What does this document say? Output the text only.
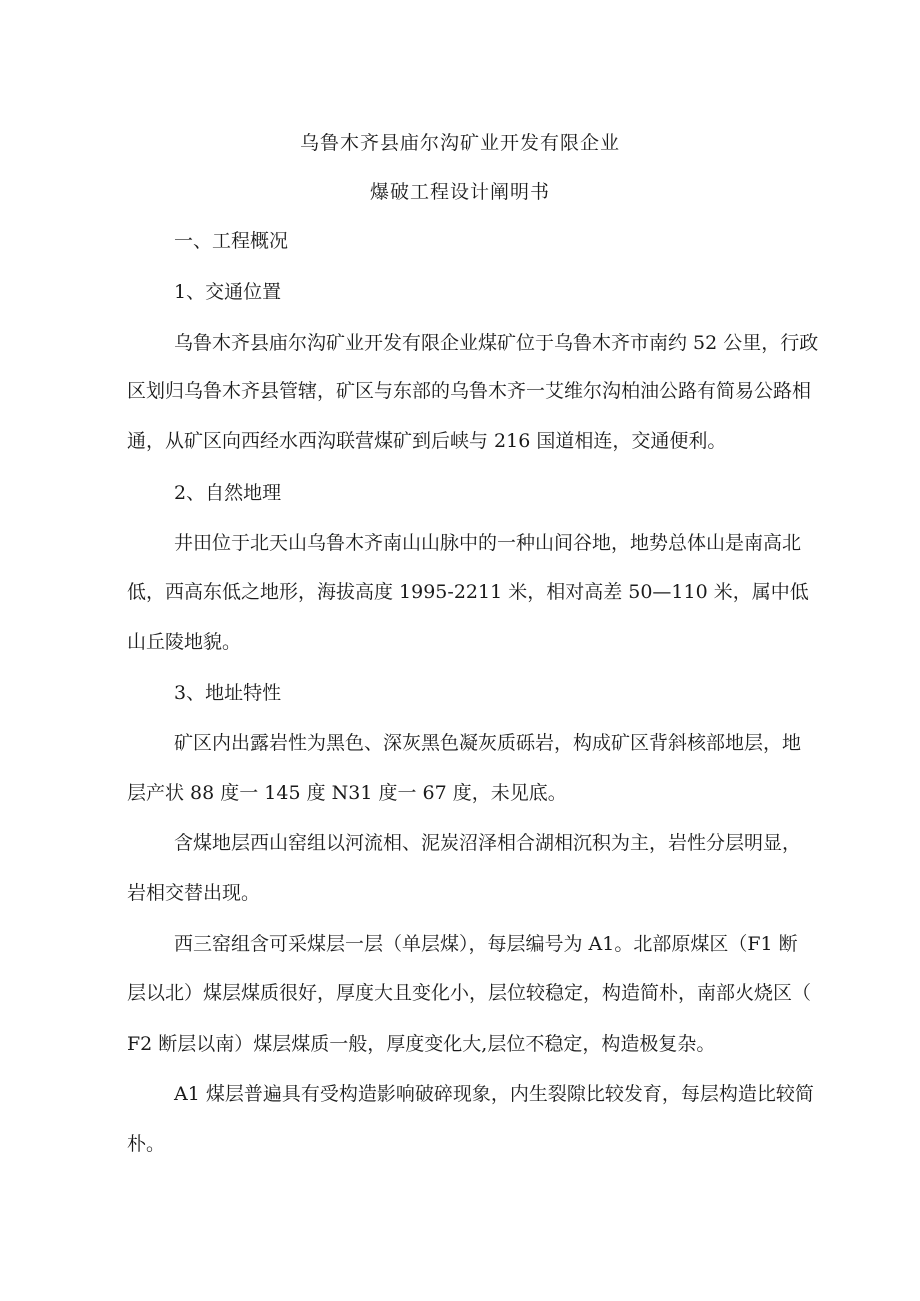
乌鲁木齐县庙尔沟矿业开发有限企业
爆破工程设计阐明书

一、工程概况

1、交通位置

乌鲁木齐县庙尔沟矿业开发有限企业煤矿位于乌鲁木齐市南约 52 公里，行政

区划归乌鲁木齐县管辖，矿区与东部的乌鲁木齐一艾维尔沟柏油公路有简易公路相

通，从矿区向西经水西沟联营煤矿到后峡与 216 国道相连，交通便利。

2、自然地理

井田位于北天山乌鲁木齐南山山脉中的一种山间谷地，地势总体山是南高北

低，西高东低之地形，海拔高度 1995-2211 米，相对高差 50—110 米，属中低

山丘陵地貌。

3、地址特性

矿区内出露岩性为黑色、深灰黑色凝灰质砾岩，构成矿区背斜核部地层，地

层产状 88 度一 145 度 N31 度一 67 度，未见底。

含煤地层西山窑组以河流相、泥炭沼泽相合湖相沉积为主，岩性分层明显，

岩相交替出现。

西三窑组含可采煤层一层（单层煤），每层编号为 A1。北部原煤区（F1 断

层以北）煤层煤质很好，厚度大且变化小，层位较稳定，构造简朴，南部火烧区（

F2 断层以南）煤层煤质一般，厚度变化大,层位不稳定，构造极复杂。

A1 煤层普遍具有受构造影响破碎现象，内生裂隙比较发育，每层构造比较简

朴。
